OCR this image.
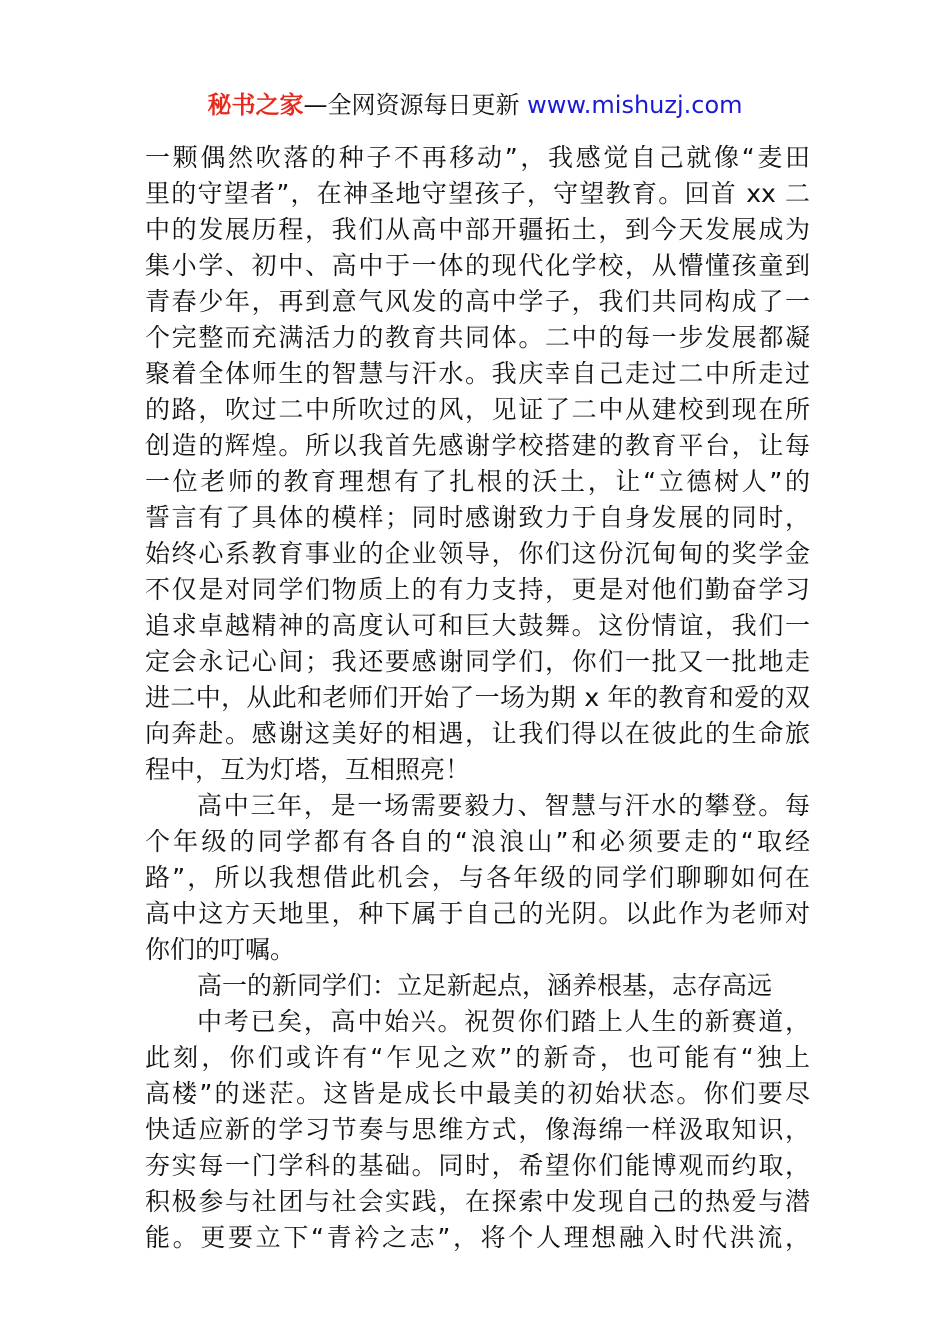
秘书之家—全网资源每日更新 www.mishuzj.com
一颗偶然吹落的种子不再移动”，我感觉自己就像“麦田
里的守望者”，在神圣地守望孩子，守望教育。回首 xx 二
中的发展历程，我们从高中部开疆拓土，到今天发展成为
集小学、初中、高中于一体的现代化学校，从懵懂孩童到
青春少年，再到意气风发的高中学子，我们共同构成了一
个完整而充满活力的教育共同体。二中的每一步发展都凝
聚着全体师生的智慧与汗水。我庆幸自己走过二中所走过
的路，吹过二中所吹过的风，见证了二中从建校到现在所
创造的辉煌。所以我首先感谢学校搭建的教育平台，让每
一位老师的教育理想有了扎根的沃土，让“立德树人”的
誓言有了具体的模样；同时感谢致力于自身发展的同时，
始终心系教育事业的企业领导，你们这份沉甸甸的奖学金
不仅是对同学们物质上的有力支持，更是对他们勤奋学习
追求卓越精神的高度认可和巨大鼓舞。这份情谊，我们一
定会永记心间；我还要感谢同学们，你们一批又一批地走
进二中，从此和老师们开始了一场为期 x 年的教育和爱的双
向奔赴。感谢这美好的相遇，让我们得以在彼此的生命旅
程中，互为灯塔，互相照亮！
高中三年，是一场需要毅力、智慧与汗水的攀登。每
个年级的同学都有各自的“浪浪山”和必须要走的“取经
路”，所以我想借此机会，与各年级的同学们聊聊如何在
高中这方天地里，种下属于自己的光阴。以此作为老师对
你们的叮嘱。
高一的新同学们：立足新起点，涵养根基，志存高远
中考已矣，高中始兴。祝贺你们踏上人生的新赛道，
此刻，你们或许有“乍见之欢”的新奇，也可能有“独上
高楼”的迷茫。这皆是成长中最美的初始状态。你们要尽
快适应新的学习节奏与思维方式，像海绵一样汲取知识，
夯实每一门学科的基础。同时，希望你们能博观而约取，
积极参与社团与社会实践，在探索中发现自己的热爱与潜
能。更要立下“青衿之志”，将个人理想融入时代洪流，
